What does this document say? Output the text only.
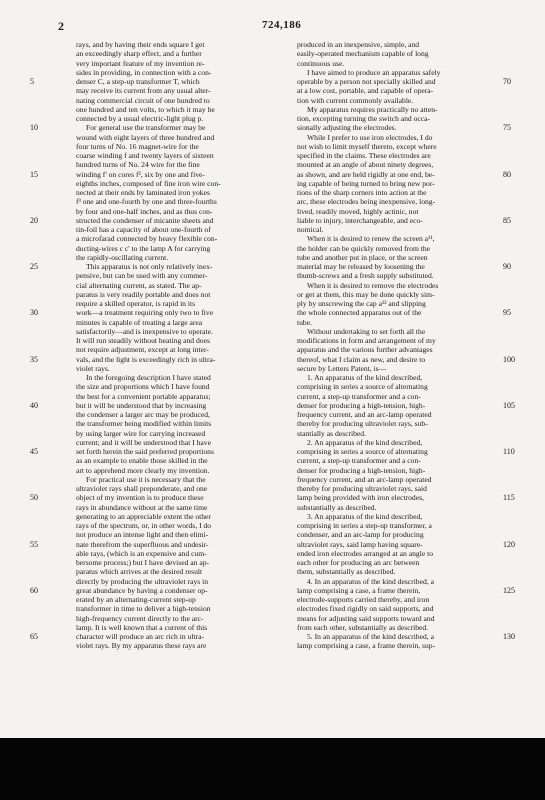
2	724,186
rays, and by having their ends square I get
an exceedingly sharp effect, and a further
very important feature of my invention re-
sides in providing, in connection with a con-
denser C, a step-up transformer T, which
may receive its current from any usual alter-
nating commercial circuit of one hundred to
one hundred and ten volts, to which it may be
connected by a usual electric-light plug p.
For general use the transformer may be
wound with eight layers of three hundred and
four turns of No. 16 magnet-wire for the
coarse winding f and twenty layers of sixteen
hundred turns of No. 24 wire for the fine
winding f' on cores f², six by one and five-
eighths inches, composed of fine iron wire con-
nected at their ends by laminated iron yokes
f³ one and one-fourth by one and three-fourths
by four and one-half inches, and as thus con-
structed the condenser of micanite sheets and
tin-foil has a capacity of about one-fourth of
a microfarad connected by heavy flexible con-
ducting-wires c c' to the lamp A for carrying
the rapidly-oscillating current.
This apparatus is not only relatively inex-
pensive, but can be used with any commer-
cial alternating current, as stated. The ap-
paratus is very readily portable and does not
require a skilled operator, is rapid in its
work—a treatment requiring only two to five
minutes is capable of treating a large area
satisfactorily—and is inexpensive to operate.
It will run steadily without heating and does
not require adjustment, except at long inter-
vals, and the light is exceedingly rich in ultra-
violet rays.
In the foregoing description I have stated
the size and proportions which I have found
the best for a convenient portable apparatus;
but it will be understood that by increasing
the condenser a larger arc may be produced,
the transformer being modified within limits
by using larger wire for carrying increased
current; and it will be understood that I have
set forth herein the said preferred proportions
as an example to enable those skilled in the
art to apprehend more clearly my invention.
For practical use it is necessary that the
ultraviolet rays shall preponderate, and one
object of my invention is to produce these
rays in abundance without at the same time
generating to an appreciable extent the other
rays of the spectrum, or, in other words, I do
not produce an intense light and then elimi-
nate therefrom the superfluous and undesir-
able rays, (which is an expensive and cum-
bersome process;) but I have devised an ap-
paratus which arrives at the desired result
directly by producing the ultraviolet rays in
great abundance by having a condenser op-
erated by an alternating-current step-up
transformer in time to deliver a high-tension
high-frequency current directly to the arc-
lamp. It is well known that a current of this
character will produce an arc rich in ultra-
violet rays. By my apparatus these rays are
produced in an inexpensive, simple, and
easily-operated mechanism capable of long
continuous use.
I have aimed to produce an apparatus safely
operable by a person not specially skilled and
at a low cost, portable, and capable of opera-
tion with current commonly available.
My apparatus requires practically no atten-
tion, excepting turning the switch and occa-
sionally adjusting the electrodes.
While I prefer to use iron electrodes, I do
not wish to limit myself thereto, except where
specified in the claims. These electrodes are
mounted at an angle of about ninety degrees,
as shown, and are held rigidly at one end, be-
ing capable of being turned to bring new por-
tions of the sharp corners into action at the
arc, these electrodes being inexpensive, long-
lived, readily moved, highly actinic, not
liable to injury, interchangeable, and eco-
nomical.
When it is desired to renew the screen a¹¹,
the holder can be quickly removed from the
tube and another put in place, or the screen
material may be released by loosening the
thumb-screws and a fresh supply substituted.
When it is desired to remove the electrodes
or get at them, this may be done quickly sim-
ply by unscrewing the cap a¹² and slipping
the whole connected apparatus out of the
tube.
Without undertaking to set forth all the
modifications in form and arrangement of my
apparatus and the various further advantages
thereof, what I claim as new, and desire to
secure by Letters Patent, is—
1. An apparatus of the kind described,
comprising in series a source of alternating
current, a step-up transformer and a con-
denser for producing a high-tension, high-
frequency current, and an arc-lamp operated
thereby for producing ultraviolet rays, sub-
stantially as described.
2. An apparatus of the kind described,
comprising in series a source of alternating
current, a step-up transformer and a con-
denser for producing a high-tension, high-
frequency current, and an arc-lamp operated
thereby for producing ultraviolet rays, said
lamp being provided with iron electrodes,
substantially as described.
3. An apparatus of the kind described,
comprising in series a step-up transformer, a
condenser, and an arc-lamp for producing
ultraviolet rays, said lamp having square-
ended iron electrodes arranged at an angle to
each other for producing an arc between
them, substantially as described.
4. In an apparatus of the kind described, a
lamp comprising a case, a frame therein,
electrode-supports carried thereby, and iron
electrodes fixed rigidly on said supports, and
means for adjusting said supports toward and
from each other, substantially as described.
5. In an apparatus of the kind described, a
lamp comprising a case, a frame therein, sup-
5
10
15
20
25
30
35
40
45
50
55
60
65
70
75
80
85
90
95
100
105
110
115
120
125
130
